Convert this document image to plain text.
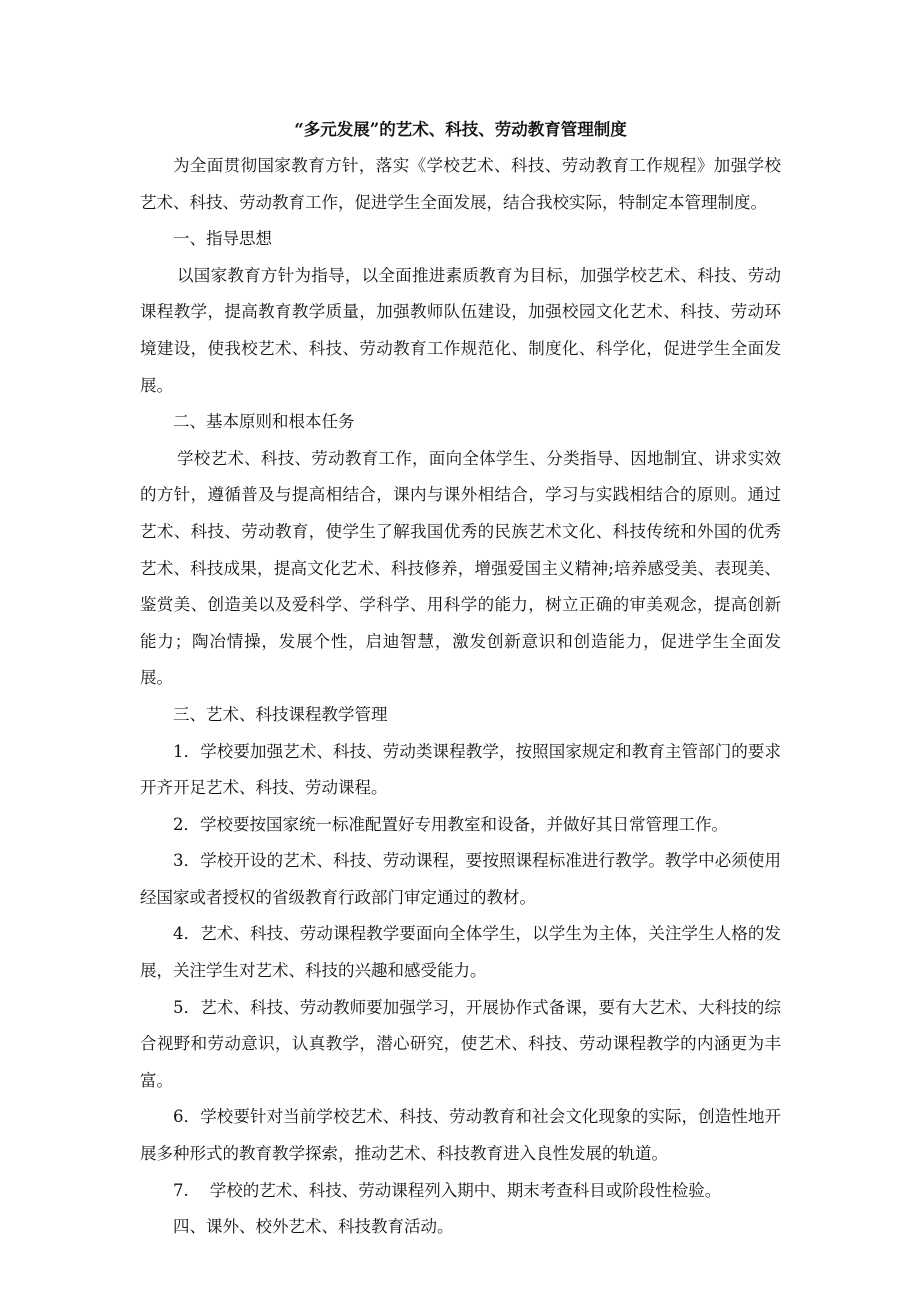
“多元发展”的艺术、科技、劳动教育管理制度

为全面贯彻国家教育方针，落实《学校艺术、科技、劳动教育工作规程》加强学校艺术、科技、劳动教育工作，促进学生全面发展，结合我校实际，特制定本管理制度。

一、指导思想

以国家教育方针为指导，以全面推进素质教育为目标，加强学校艺术、科技、劳动课程教学，提高教育教学质量，加强教师队伍建设，加强校园文化艺术、科技、劳动环境建设，使我校艺术、科技、劳动教育工作规范化、制度化、科学化，促进学生全面发展。

二、基本原则和根本任务

学校艺术、科技、劳动教育工作，面向全体学生、分类指导、因地制宜、讲求实效的方针，遵循普及与提高相结合，课内与课外相结合，学习与实践相结合的原则。通过艺术、科技、劳动教育，使学生了解我国优秀的民族艺术文化、科技传统和外国的优秀艺术、科技成果，提高文化艺术、科技修养，增强爱国主义精神;培养感受美、表现美、鉴赏美、创造美以及爱科学、学科学、用科学的能力，树立正确的审美观念，提高创新能力；陶冶情操，发展个性，启迪智慧，激发创新意识和创造能力，促进学生全面发展。

三、艺术、科技课程教学管理

1．学校要加强艺术、科技、劳动类课程教学，按照国家规定和教育主管部门的要求开齐开足艺术、科技、劳动课程。

2．学校要按国家统一标准配置好专用教室和设备，并做好其日常管理工作。

3．学校开设的艺术、科技、劳动课程，要按照课程标准进行教学。教学中必须使用经国家或者授权的省级教育行政部门审定通过的教材。

4．艺术、科技、劳动课程教学要面向全体学生，以学生为主体，关注学生人格的发展，关注学生对艺术、科技的兴趣和感受能力。

5．艺术、科技、劳动教师要加强学习，开展协作式备课，要有大艺术、大科技的综合视野和劳动意识，认真教学，潜心研究，使艺术、科技、劳动课程教学的内涵更为丰富。

6．学校要针对当前学校艺术、科技、劳动教育和社会文化现象的实际，创造性地开展多种形式的教育教学探索，推动艺术、科技教育进入良性发展的轨道。

7.    学校的艺术、科技、劳动课程列入期中、期末考查科目或阶段性检验。

四、课外、校外艺术、科技教育活动。
